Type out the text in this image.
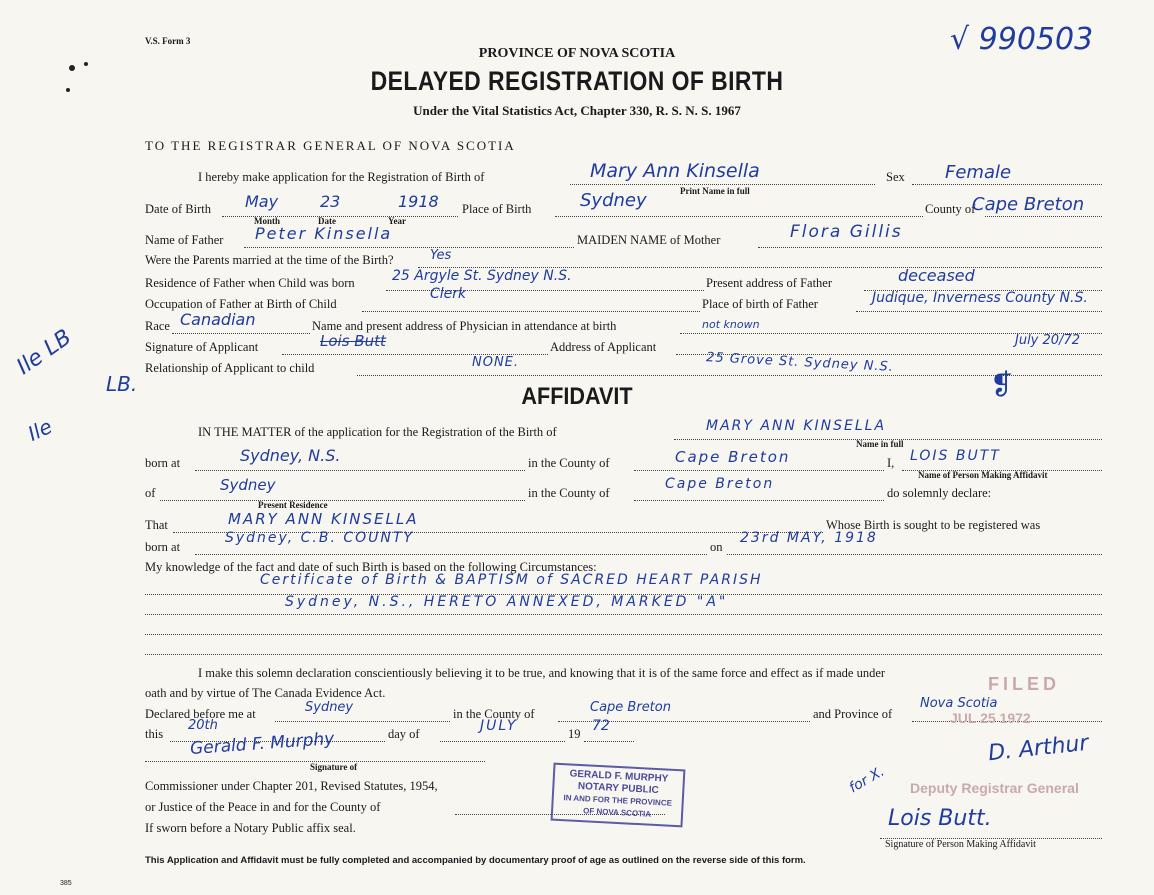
V.S. Form 3	√ 990503
PROVINCE OF NOVA SCOTIA
DELAYED REGISTRATION OF BIRTH
Under the Vital Statistics Act, Chapter 330, R. S. N. S. 1967
TO THE REGISTRAR GENERAL OF NOVA SCOTIA
I hereby make application for the Registration of Birth of	Mary Ann Kinsella
Print Name in full
Sex Female
Date of Birth May	23	1918
Month	Date	Year
Place of Birth	Sydney	County of
Cape Breton
Name of Father Peter Kinsella	MAIDEN NAME of Mother	Flora Gillis
Were the Parents married at the time of the Birth?	Yes
Residence of Father when Child was born	25 Argyle St. Sydney N.S.	Present address of Father	deceased
Occupation of Father at Birth of Child
Clerk
Place of birth of Father	Judique, Inverness County N.S.
Race Canadian	Name and present address of Physician in attendance at birth	not known
Signature of Applicant	Lois Butt	Address of Applicant	July 20/72
Relationship of Applicant to child	NONE.	25 Grove St. Sydney N.S.
Ile LB
LB.
Ile
AFFIDAVIT
IN THE MATTER of the application for the Registration of the Birth of	MARY ANN KINSELLA
Name in full
born at	Sydney, N.S.	in the County of	Cape Breton	I, LOIS BUTT
Name of Person Making Affidavit
of	Sydney
Present Residence
in the County of
Cape Breton
do solemnly declare:
That	MARY ANN KINSELLA	Whose Birth is sought to be registered was
born at
Sydney, C.B. COUNTY
on
23rd MAY, 1918
My knowledge of the fact and date of such Birth is based on the following Circumstances:
Certificate of Birth & BAPTISM of SACRED HEART PARISH
Sydney, N.S., HERETO ANNEXED, MARKED "A"
I make this solemn declaration conscientiously believing it to be true, and knowing that it is of the same force and effect as if made under
oath and by virtue of The Canada Evidence Act.
Declared before me at	Sydney	in the County of	Cape Breton	and Province of
Nova Scotia
this
20th
day of	JULY	19 72
Gerald F. Murphy
Signature of
Commissioner under Chapter 201, Revised Statutes, 1954,
or Justice of the Peace in and for the County of
If sworn before a Notary Public affix seal.
GERALD F. MURPHY
NOTARY PUBLIC
IN AND FOR THE PROVINCE
OF NOVA SCOTIA
FILED
JUL 25 1972
Deputy Registrar General
D. Arthur
for X.
Lois Butt.
Signature of Person Making Affidavit
This Application and Affidavit must be fully completed and accompanied by documentary proof of age as outlined on the reverse side of this form.
385
❡
